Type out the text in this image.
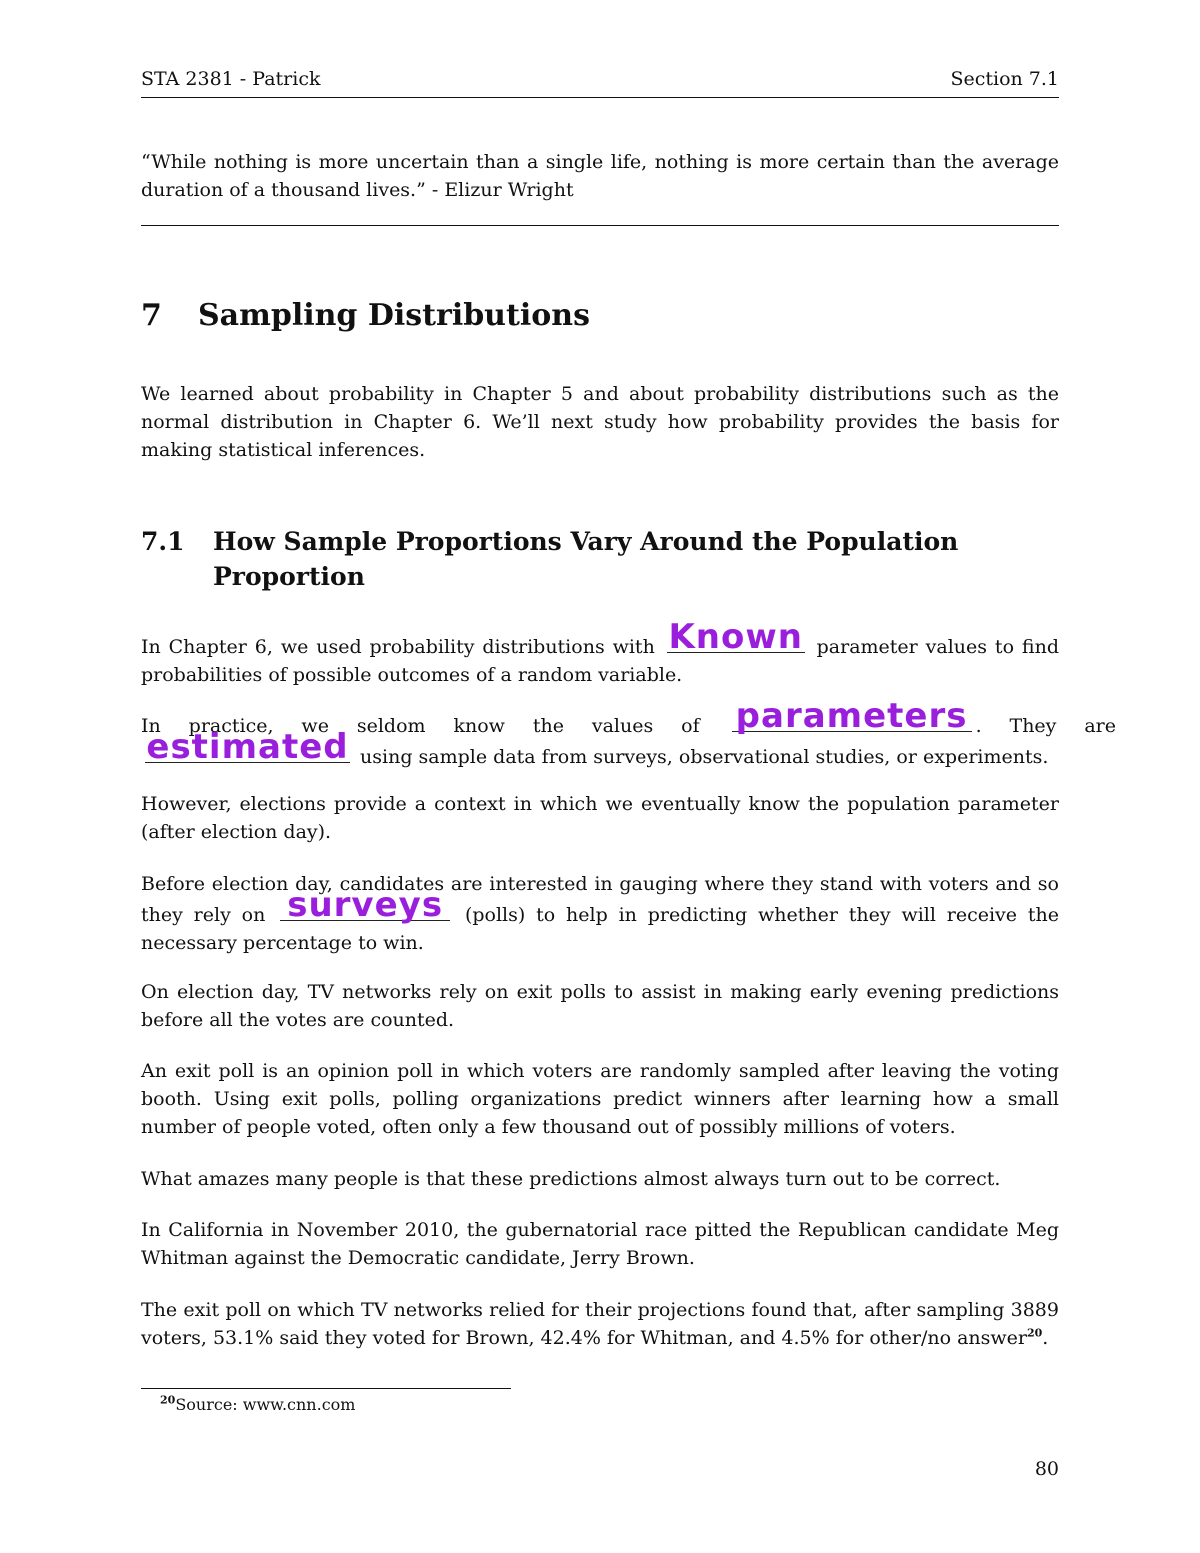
STA 2381 - Patrick	Section 7.1

“While nothing is more uncertain than a single life, nothing is more certain than the average duration of a thousand lives.” - Elizur Wright

7 Sampling Distributions

We learned about probability in Chapter 5 and about probability distributions such as the normal distribution in Chapter 6. We’ll next study how probability provides the basis for making statistical inferences.

7.1 How Sample Proportions Vary Around the Population Proportion

In Chapter 6, we used probability distributions with Known parameter values to find probabilities of possible outcomes of a random variable.

In practice, we seldom know the values of parameters . They are
estimated using sample data from surveys, observational studies, or experiments.

However, elections provide a context in which we eventually know the population parameter (after election day).

Before election day, candidates are interested in gauging where they stand with voters and so they rely on surveys (polls) to help in predicting whether they will receive the necessary percentage to win.

On election day, TV networks rely on exit polls to assist in making early evening predictions before all the votes are counted.

An exit poll is an opinion poll in which voters are randomly sampled after leaving the voting booth. Using exit polls, polling organizations predict winners after learning how a small number of people voted, often only a few thousand out of possibly millions of voters.

What amazes many people is that these predictions almost always turn out to be correct.

In California in November 2010, the gubernatorial race pitted the Republican candidate Meg Whitman against the Democratic candidate, Jerry Brown.

The exit poll on which TV networks relied for their projections found that, after sampling 3889 voters, 53.1% said they voted for Brown, 42.4% for Whitman, and 4.5% for other/no answer$^{20}$.

$^{20}$Source: www.cnn.com
80
